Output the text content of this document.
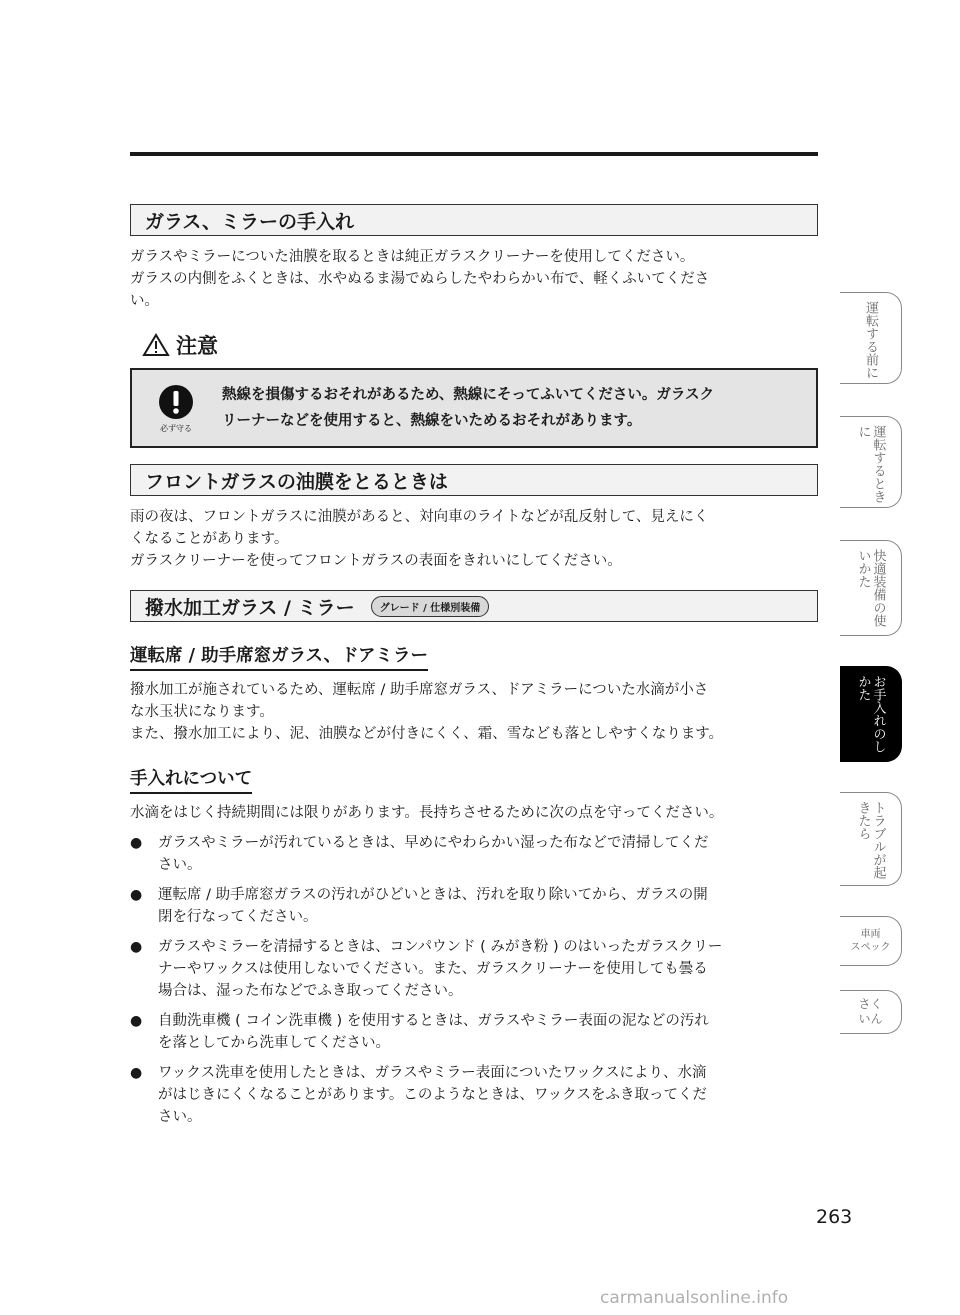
ガラス、ミラーの手入れ
ガラスやミラーについた油膜を取るときは純正ガラスクリーナーを使用してください。
ガラスの内側をふくときは、水やぬるま湯でぬらしたやわらかい布で、軽くふいてくださ
い。
注意
必ず守る
熱線を損傷するおそれがあるため、熱線にそってふいてください。ガラスク
リーナーなどを使用すると、熱線をいためるおそれがあります。
フロントガラスの油膜をとるときは
雨の夜は、フロントガラスに油膜があると、対向車のライトなどが乱反射して、見えにく
くなることがあります。
ガラスクリーナーを使ってフロントガラスの表面をきれいにしてください。
撥水加工ガラス / ミラー	グレード / 仕様別装備
運転席 / 助手席窓ガラス、ドアミラー
撥水加工が施されているため、運転席 / 助手席窓ガラス、ドアミラーについた水滴が小さ
な水玉状になります。
また、撥水加工により、泥、油膜などが付きにくく、霜、雪なども落としやすくなります。
手入れについて
水滴をはじく持続期間には限りがあります。長持ちさせるために次の点を守ってください。
●	ガラスやミラーが汚れているときは、早めにやわらかい湿った布などで清掃してくだ
さい。
●	運転席 / 助手席窓ガラスの汚れがひどいときは、汚れを取り除いてから、ガラスの開
閉を行なってください。
●	ガラスやミラーを清掃するときは、コンパウンド ( みがき粉 ) のはいったガラスクリー
ナーやワックスは使用しないでください。また、ガラスクリーナーを使用しても曇る
場合は、湿った布などでふき取ってください。
●	自動洗車機 ( コイン洗車機 ) を使用するときは、ガラスやミラー表面の泥などの汚れ
を落としてから洗車してください。
●	ワックス洗車を使用したときは、ガラスやミラー表面についたワックスにより、水滴
がはじきにくくなることがあります。このようなときは、ワックスをふき取ってくだ
さい。
運転する前に
運転するときに
快適装備の使いかた
お手入れのしかた
トラブルが起きたら
車両
スペック
さく
いん
263
carmanualsonline.info
